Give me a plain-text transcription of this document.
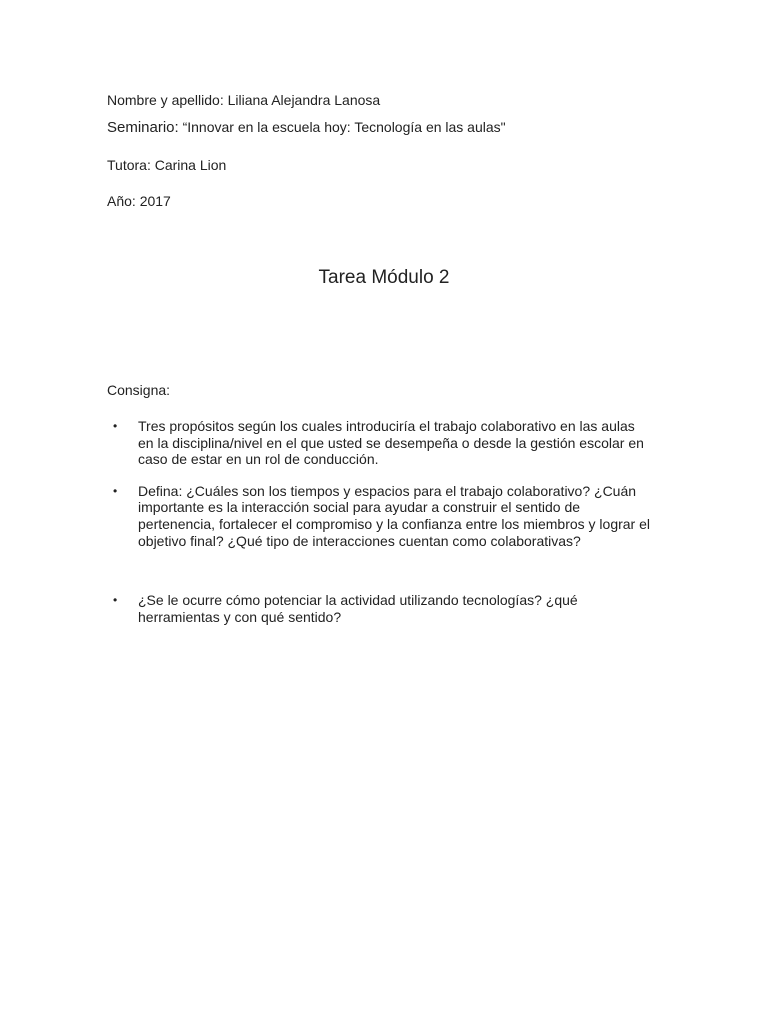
Nombre y apellido: Liliana Alejandra Lanosa
Seminario: “Innovar en la escuela hoy: Tecnología en las aulas"
Tutora: Carina Lion
Año: 2017
Tarea Módulo 2
Consigna:
• Tres propósitos según los cuales introduciría el trabajo colaborativo en las aulas en la disciplina/nivel en el que usted se desempeña o desde la gestión escolar en caso de estar en un rol de conducción.
• Defina: ¿Cuáles son los tiempos y espacios para el trabajo colaborativo? ¿Cuán importante es la interacción social para ayudar a construir el sentido de pertenencia, fortalecer el compromiso y la confianza entre los miembros y lograr el objetivo final? ¿Qué tipo de interacciones cuentan como colaborativas?
• ¿Se le ocurre cómo potenciar la actividad utilizando tecnologías? ¿qué herramientas y con qué sentido?
